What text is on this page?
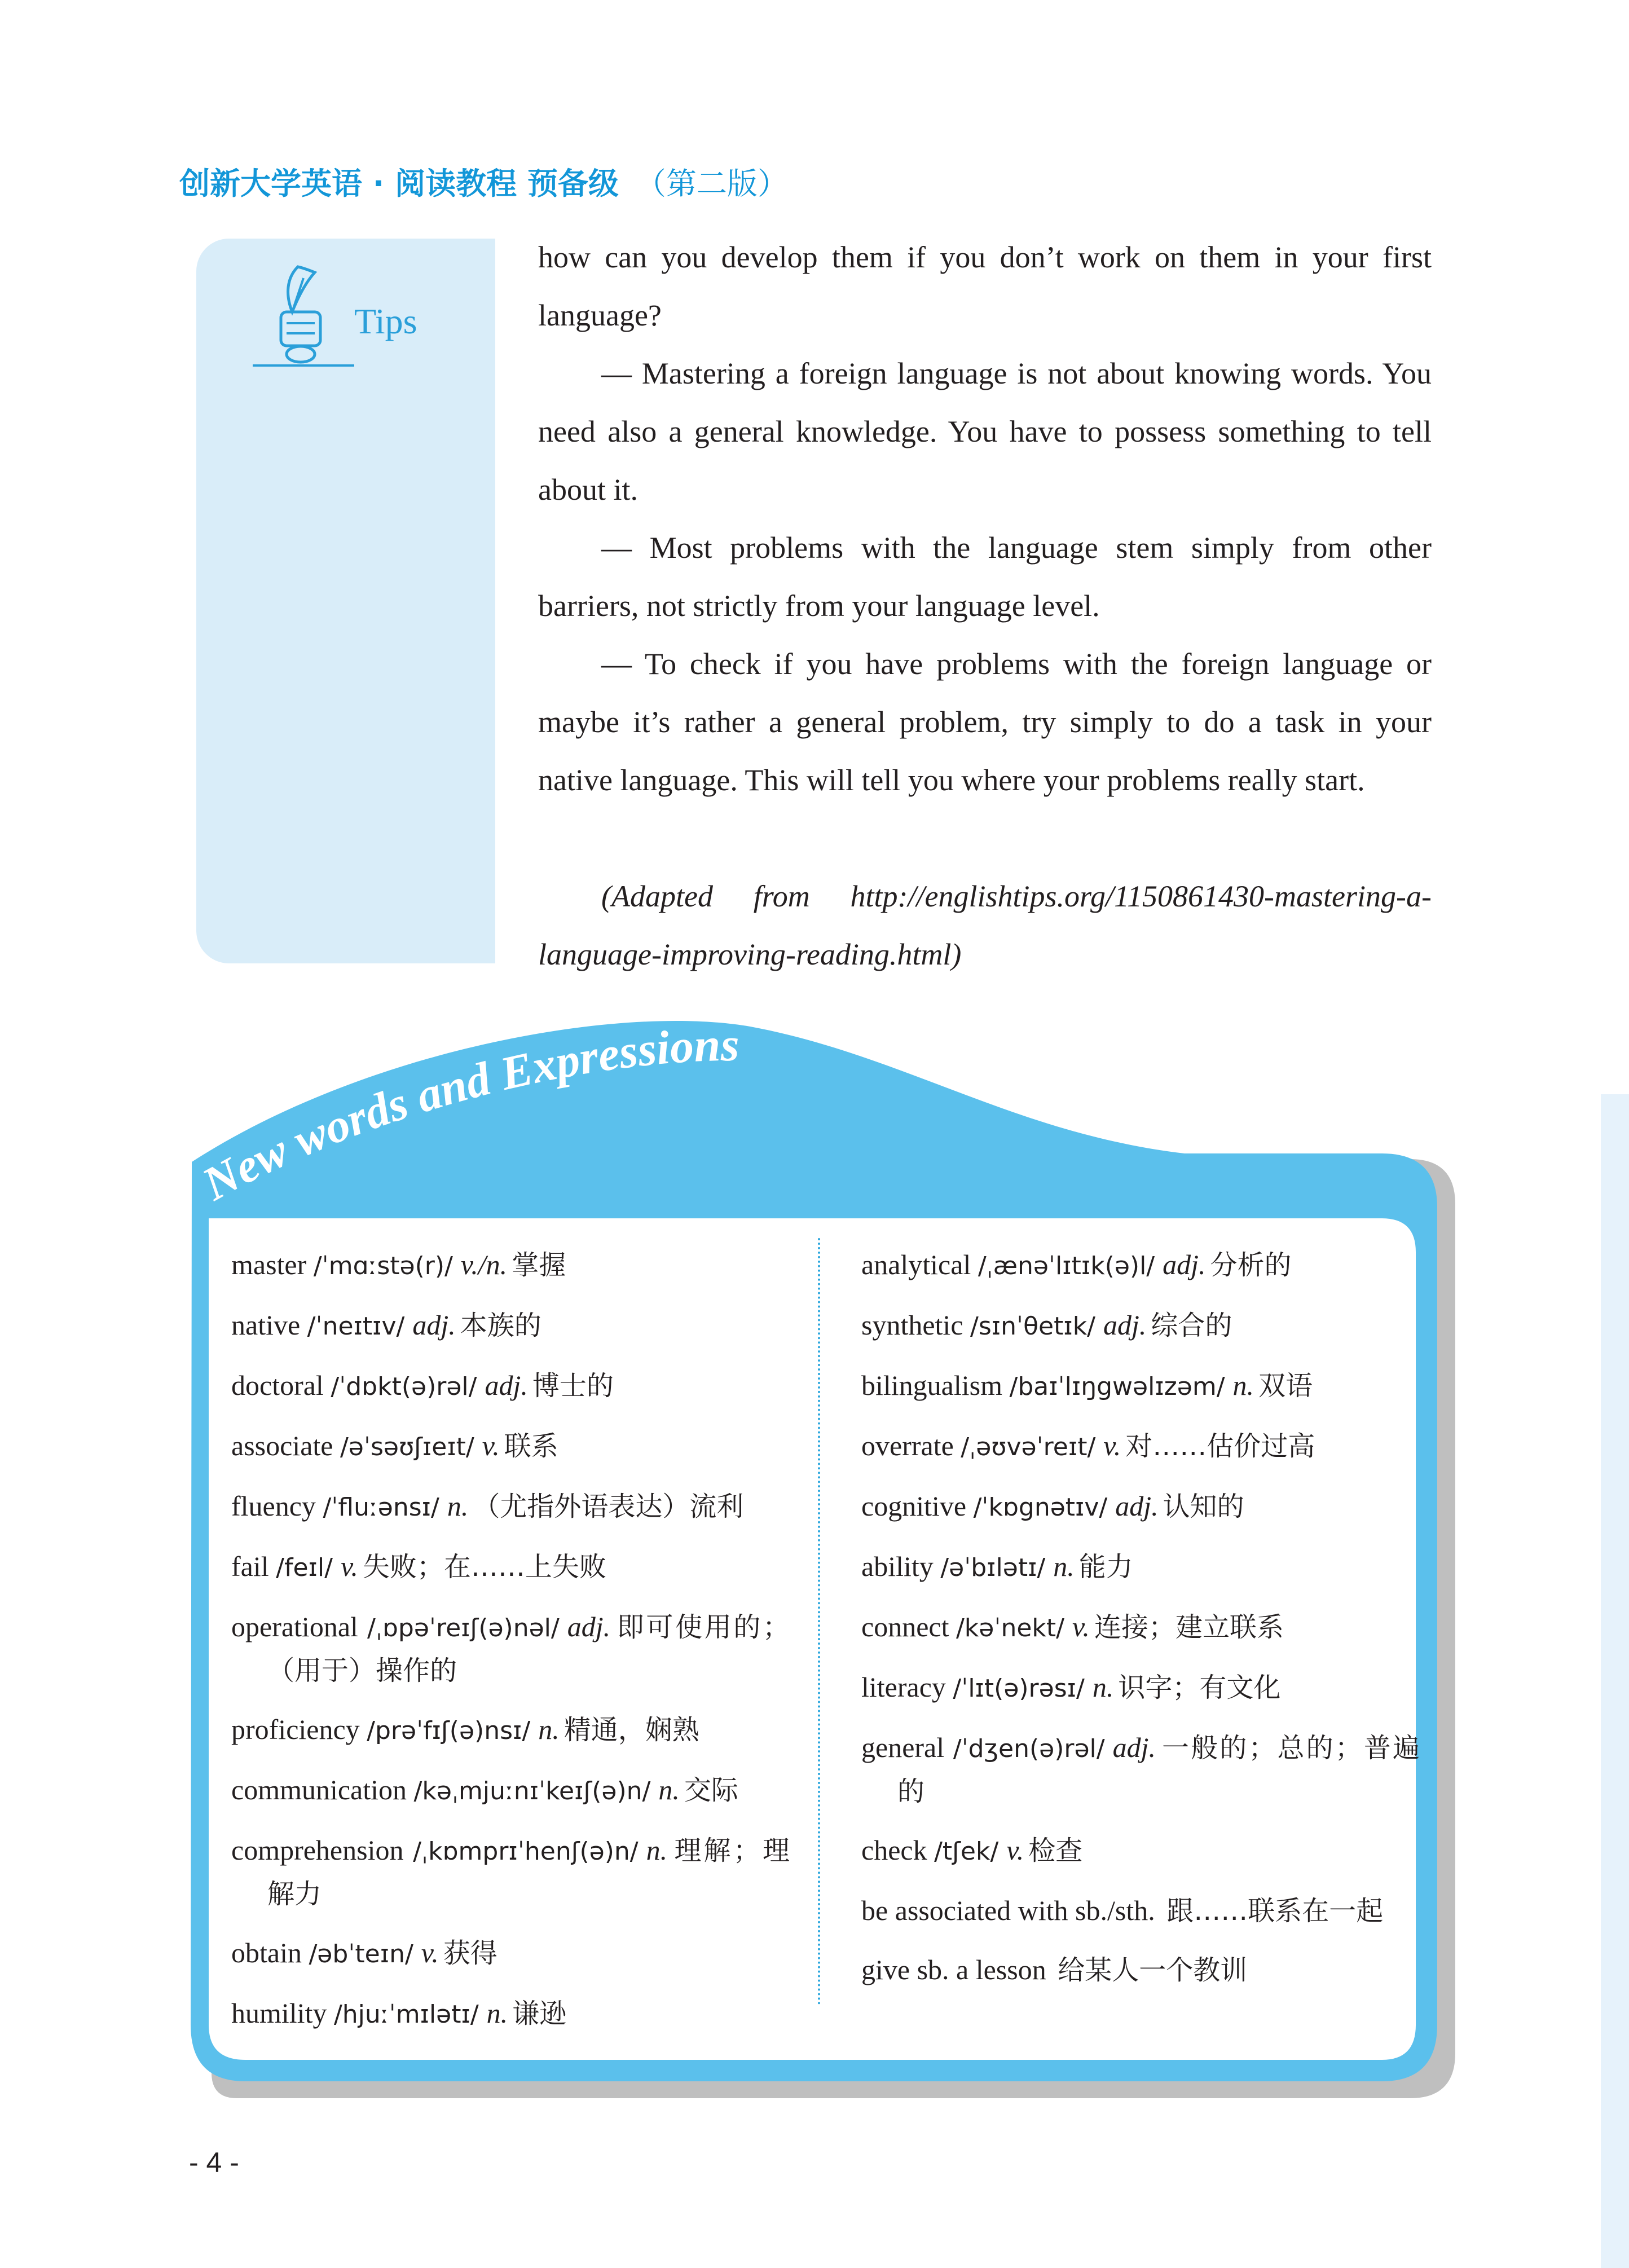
创新大学英语 · 阅读教程 预备级 （第二版）
Tips

how can you develop them if you don’t work on them in your first language?

— Mastering a foreign language is not about knowing words. You need also a general knowledge. You have to possess something to tell about it.

— Most problems with the language stem simply from other barriers, not strictly from your language level.

— To check if you have problems with the foreign language or maybe it’s rather a general problem, try simply to do a task in your native language. This will tell you where your problems really start.

(Adapted from http://englishtips.org/1150861430-mastering-a-language-improving-reading.html)

New words and Expressions
master /ˈmɑːstə(r)/ v./n. 掌握
native /ˈneɪtɪv/ adj. 本族的
doctoral /ˈdɒkt(ə)rəl/ adj. 博士的
associate /əˈsəʊʃɪeɪt/ v. 联系
fluency /ˈfluːənsɪ/ n. （尤指外语表达）流利
fail /feɪl/ v. 失败；在……上失败
operational /ˌɒpəˈreɪʃ(ə)nəl/ adj. 即可使用的；（用于）操作的
proficiency /prəˈfɪʃ(ə)nsɪ/ n. 精通，娴熟
communication /kəˌmjuːnɪˈkeɪʃ(ə)n/ n. 交际
comprehension /ˌkɒmprɪˈhenʃ(ə)n/ n. 理解；理解力
obtain /əbˈteɪn/ v. 获得
humility /hjuːˈmɪlətɪ/ n. 谦逊
analytical /ˌænəˈlɪtɪk(ə)l/ adj. 分析的
synthetic /sɪnˈθetɪk/ adj. 综合的
bilingualism /baɪˈlɪŋgwəlɪzəm/ n. 双语
overrate /ˌəʊvəˈreɪt/ v. 对……估价过高
cognitive /ˈkɒgnətɪv/ adj. 认知的
ability /əˈbɪlətɪ/ n. 能力
connect /kəˈnekt/ v. 连接；建立联系
literacy /ˈlɪt(ə)rəsɪ/ n. 识字；有文化
general /ˈdʒen(ə)rəl/ adj. 一般的；总的；普遍的
check /tʃek/ v. 检查
be associated with sb./sth. 跟……联系在一起
give sb. a lesson 给某人一个教训
- 4 -
